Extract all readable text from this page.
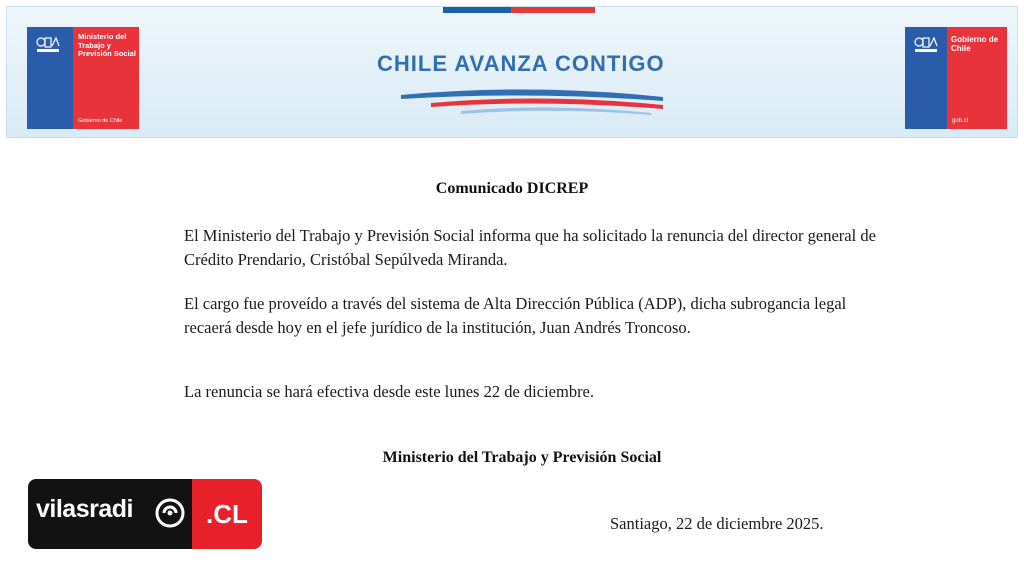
Ministerio del Trabajo y Previsión Social
Gobierno de Chile
CHILE AVANZA CONTIGO
Gobierno de Chile
gob.cl
Comunicado DICREP

El Ministerio del Trabajo y Previsión Social informa que ha solicitado la renuncia del director general de Crédito Prendario, Cristóbal Sepúlveda Miranda.

El cargo fue proveído a través del sistema de Alta Dirección Pública (ADP), dicha subrogancia legal recaerá desde hoy en el jefe jurídico de la institución, Juan Andrés Troncoso.

La renuncia se hará efectiva desde este lunes 22 de diciembre.

Ministerio del Trabajo y Previsión Social
Santiago, 22 de diciembre 2025.
vilasradi	.CL
